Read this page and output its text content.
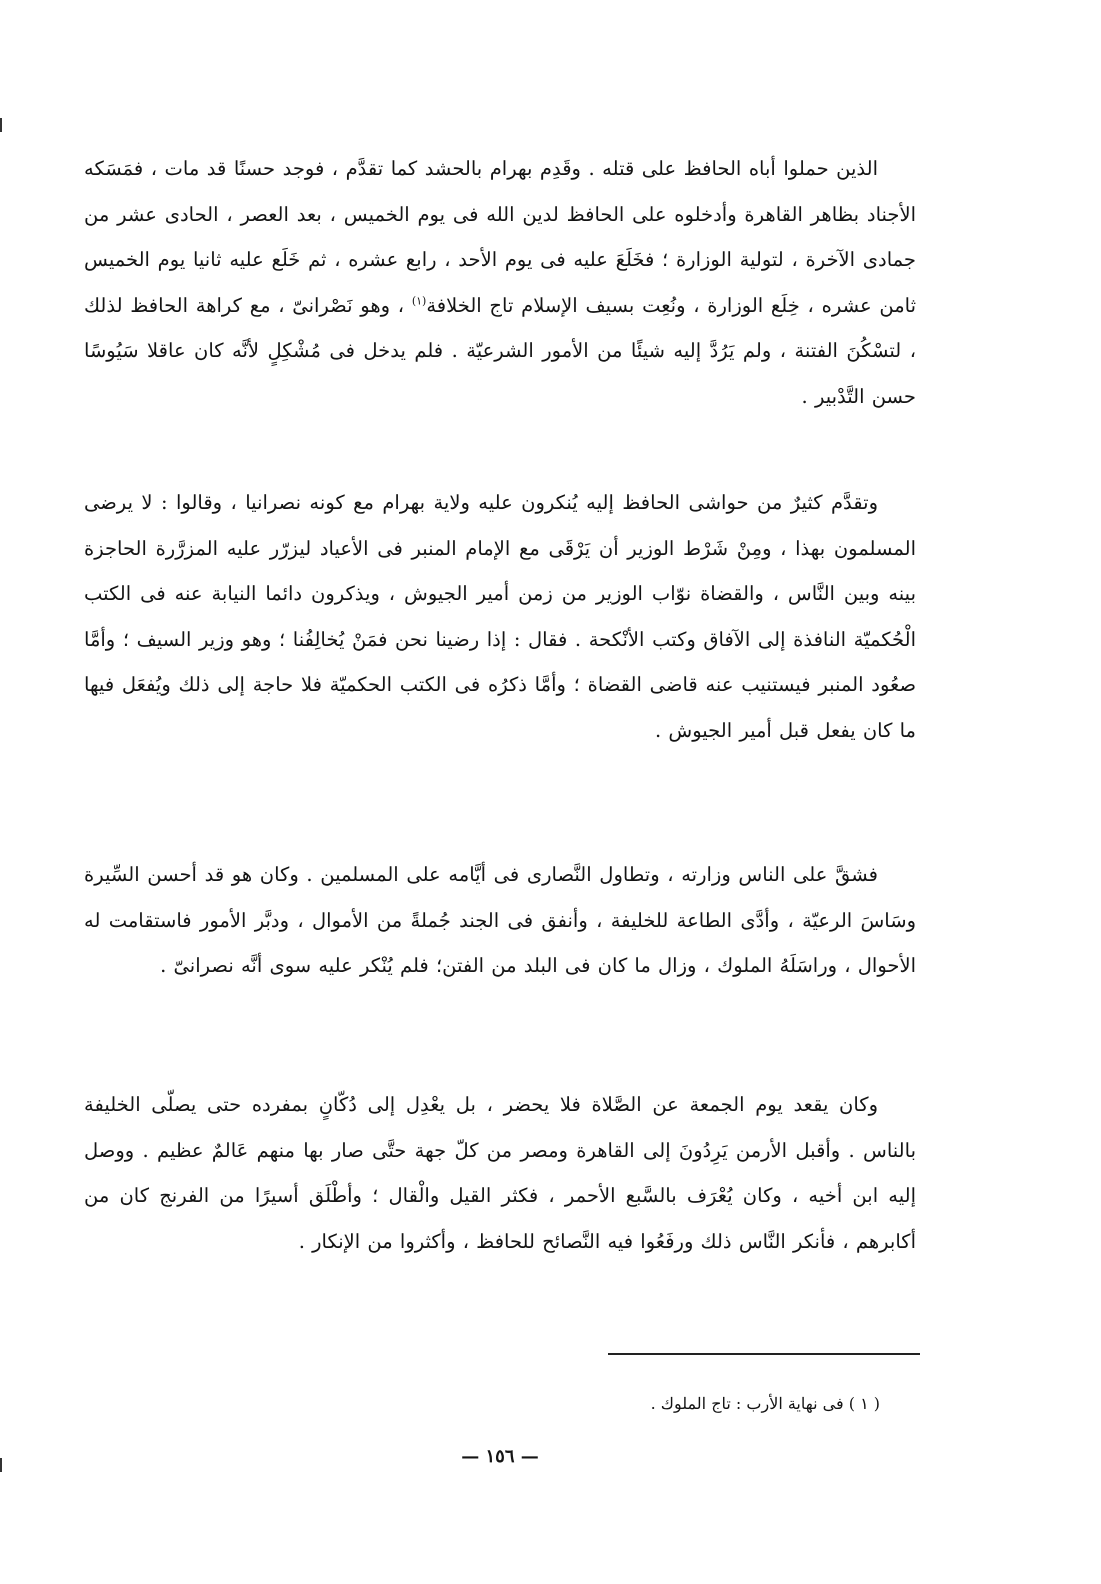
الذين حملوا أباه الحافظ على قتله . وقَدِم بهرام بالحشد كما تقدَّم ، فوجد حسنًا قد مات ، فمَسَكه الأجناد بظاهر القاهرة وأدخلوه على الحافظ لدين الله فى يوم الخميس ، بعد العصر ، الحادى عشر من جمادى الآخرة ، لتولية الوزارة ؛ فخَلَعَ عليه فى يوم الأحد ، رابع عشره ، ثم خَلَع عليه ثانيا يوم الخميس ثامن عشره ، خِلَع الوزارة ، ونُعِت بسيف الإسلام تاج الخلافة$^{(١)}$ ، وهو نَصْرانىّ ، مع كراهة الحافظ لذلك ، لتسْكُنَ الفتنة ، ولم يَرُدَّ إليه شيئًا من الأمور الشرعيّة . فلم يدخل فى مُشْكِلٍ لأنَّه كان عاقلا سَيُوسًا حسن التَّدْبير .

وتقدَّم كثيرٌ من حواشى الحافظ إليه يُنكرون عليه ولاية بهرام مع كونه نصرانيا ، وقالوا : لا يرضى المسلمون بهذا ، ومِنْ شَرْط الوزير أن يَرْقَى مع الإمام المنبر فى الأعياد ليزرّر عليه المزرَّرة الحاجزة بينه وبين النَّاس ، والقضاة نوّاب الوزير من زمن أمير الجيوش ، ويذكرون دائما النيابة عنه فى الكتب الْحُكميّة النافذة إلى الآفاق وكتب الأنْكحة . فقال : إذا رضينا نحن فمَنْ يُخالِفُنا ؛ وهو وزير السيف ؛ وأمَّا صعُود المنبر فيستنيب عنه قاضى القضاة ؛ وأمَّا ذكرُه فى الكتب الحكميّة فلا حاجة إلى ذلك ويُفعَل فيها ما كان يفعل قبل أمير الجيوش .

فشقَّ على الناس وزارته ، وتطاول النَّصارى فى أيَّامه على المسلمين . وكان هو قد أحسن السِّيرة وسَاسَ الرعيّة ، وأدَّى الطاعة للخليفة ، وأنفق فى الجند جُملةً من الأموال ، ودبَّر الأمور فاستقامت له الأحوال ، وراسَلَهُ الملوك ، وزال ما كان فى البلد من الفتن؛ فلم يُنْكر عليه سوى أنَّه نصرانىّ .

وكان يقعد يوم الجمعة عن الصَّلاة فلا يحضر ، بل يعْدِل إلى دُكّانٍ بمفرده حتى يصلّى الخليفة بالناس . وأقبل الأرمن يَرِدُونَ إلى القاهرة ومصر من كلّ جهة حتَّى صار بها منهم عَالمٌ عظيم . ووصل إليه ابن أخيه ، وكان يُعْرَف بالسَّبع الأحمر ، فكثر القيل والْقال ؛ وأطْلَق أسيرًا من الفرنج كان من أكابرهم ، فأنكر النَّاس ذلك ورفَعُوا فيه النَّصائح للحافظ ، وأكثروا من الإنكار .

( ١ ) فى نهاية الأرب : تاج الملوك .
— ١٥٦ —
